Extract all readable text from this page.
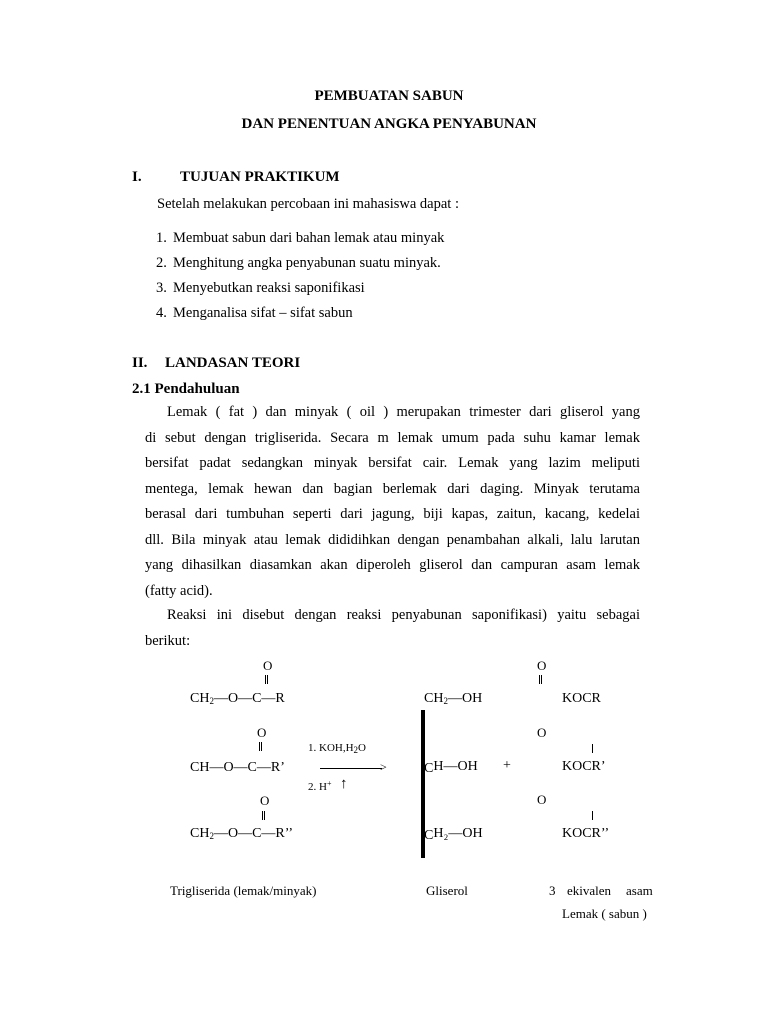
PEMBUATAN SABUN
DAN PENENTUAN ANGKA PENYABUNAN
I.	TUJUAN PRAKTIKUM
Setelah melakukan percobaan ini mahasiswa dapat :
1. Membuat sabun dari bahan lemak atau minyak
2. Menghitung angka penyabunan suatu minyak.
3. Menyebutkan reaksi saponifikasi
4. Menganalisa sifat – sifat sabun
II. LANDASAN TEORI
2.1 Pendahuluan
Lemak ( fat ) dan minyak ( oil ) merupakan trimester dari gliserol yang
di sebut dengan trigliserida. Secara m lemak umum pada suhu kamar lemak
bersifat padat sedangkan minyak bersifat cair. Lemak yang lazim meliputi
mentega, lemak hewan dan bagian berlemak dari daging. Minyak terutama
berasal dari tumbuhan seperti dari jagung, biji kapas, zaitun, kacang, kedelai
dll. Bila minyak atau lemak dididihkan dengan penambahan alkali, lalu larutan
yang dihasilkan diasamkan akan diperoleh gliserol dan campuran asam lemak
(fatty acid).
Reaksi ini disebut dengan reaksi penyabunan saponifikasi) yaitu sebagai
berikut:
O
$CH_2—O—C—R$
O
CH—O—C—R’
O
$CH_2—O—C—R$’’
1. $KOH,H_2O$
>
2. H+ ↑
$CH_2—OH$
CH—OH
CH₂—OH
+
O
KOCR
O
KOCR’
O
KOCR’’
Trigliserida (lemak/minyak)	Gliserol	3 ekivalen asam
Lemak ( sabun )
